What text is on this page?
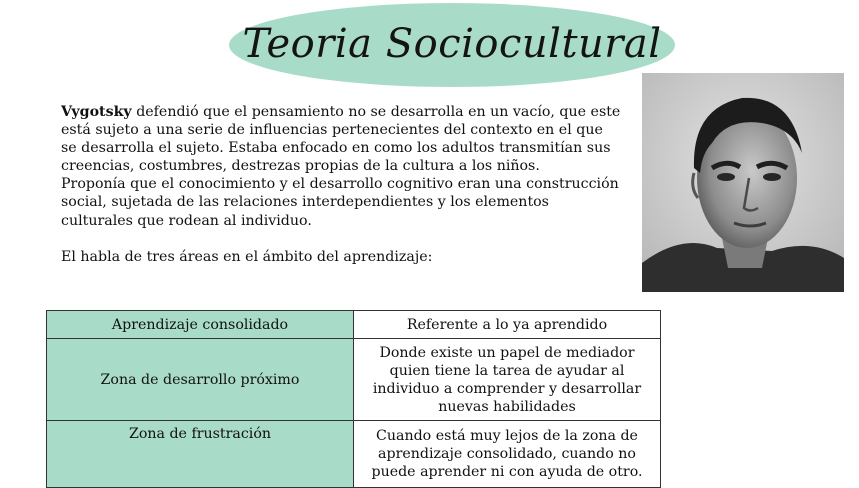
Teoria Sociocultural

Vygotsky defendió que el pensamiento no se desarrolla en un vacío, que este está sujeto a una serie de influencias pertenecientes del contexto en el que se desarrolla el sujeto. Estaba enfocado en como los adultos transmitían sus creencias, costumbres, destrezas propias de la cultura a los niños.

Proponía que el conocimiento y el desarrollo cognitivo eran una construcción social, sujetada de las relaciones interdependientes y los elementos culturales que rodean al individuo.

El habla de tres áreas en el ámbito del aprendizaje:

Aprendizaje consolidado	Referente a lo ya aprendido
Zona de desarrollo próximo	Donde existe un papel de mediador quien tiene la tarea de ayudar al individuo a comprender y desarrollar nuevas habilidades
Zona de frustración	Cuando está muy lejos de la zona de aprendizaje consolidado, cuando no puede aprender ni con ayuda de otro.
